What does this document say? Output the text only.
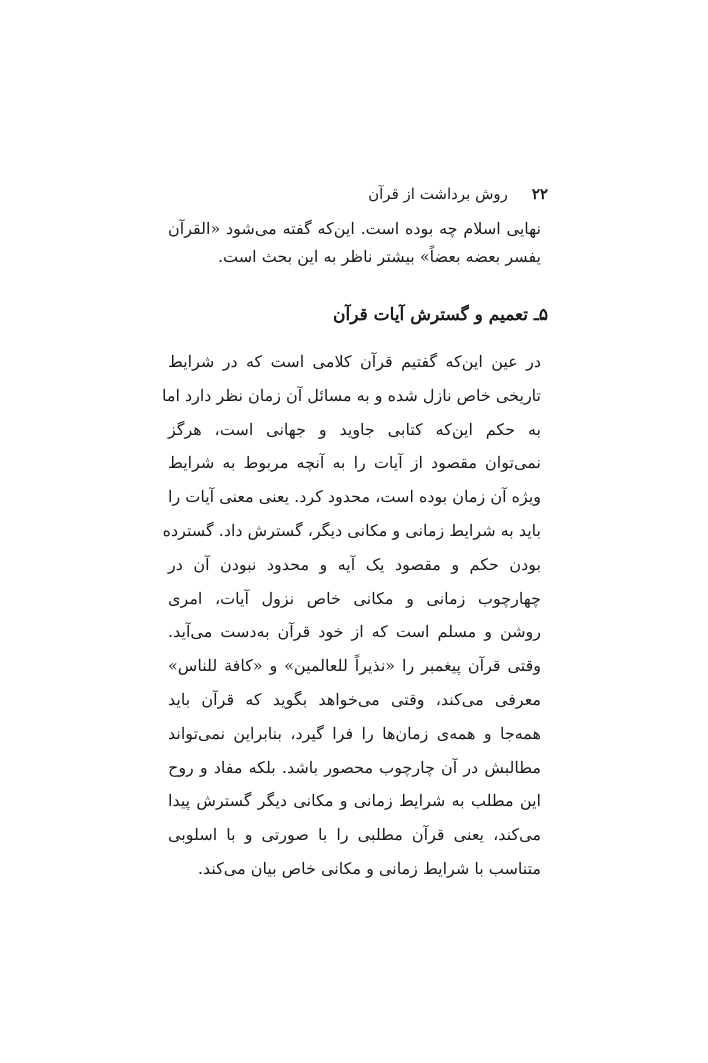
۲۲
روش برداشت از قرآن
نهایی اسلام چه بوده است. این‌که گفته می‌شود «القرآن
یفسر بعضه بعضاً» بیشتر ناظر به این بحث است.
۵ـ تعمیم و گسترش آیات قرآن
در عین این‌که گفتیم قرآن کلامی است که در شرایط
تاریخی خاص نازل شده و به مسائل آن زمان نظر دارد اما
به حکم این‌که کتابی جاوید و جهانی است، هرگز
نمی‌توان مقصود از آیات را به آنچه مربوط به شرایط
ویژه آن زمان بوده است، محدود کرد. یعنی معنی آیات را
باید به شرایط زمانی و مکانی دیگر، گسترش داد. گسترده
بودن حکم و مقصود یک آیه و محدود نبودن آن در
چهارچوب زمانی و مکانی خاص نزول آیات، امری
روشن و مسلم است که از خود قرآن به‌دست می‌آید.
وقتی قرآن پیغمبر را «نذیراً للعالمین» و «کافة للناس»
معرفی می‌کند، وقتی می‌خواهد بگوید که قرآن باید
همه‌جا و همه‌ی زمان‌ها را فرا گیرد، بنابراین نمی‌تواند
مطالبش در آن چارچوب محصور باشد. بلکه مفاد و روح
این مطلب به شرایط زمانی و مکانی دیگر گسترش پیدا
می‌کند، یعنی قرآن مطلبی را با صورتی و با اسلوبی
متناسب با شرایط زمانی و مکانی خاص بیان می‌کند.
